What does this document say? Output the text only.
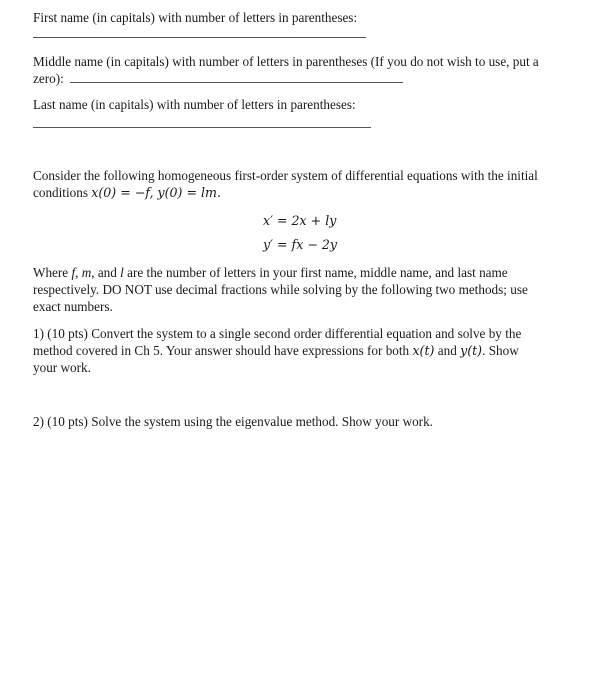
First name (in capitals) with number of letters in parentheses:
Middle name (in capitals) with number of letters in parentheses (If you do not wish to use, put a
zero):
Last name (in capitals) with number of letters in parentheses:
Consider the following homogeneous first-order system of differential equations with the initial
conditions x(0) = −f, y(0) = lm.
x′ = 2x + ly
y′ = fx − 2y
Where f, m, and l are the number of letters in your first name, middle name, and last name
respectively. DO NOT use decimal fractions while solving by the following two methods; use
exact numbers.
1) (10 pts) Convert the system to a single second order differential equation and solve by the
method covered in Ch 5. Your answer should have expressions for both x(t) and y(t). Show
your work.
2) (10 pts) Solve the system using the eigenvalue method. Show your work.
